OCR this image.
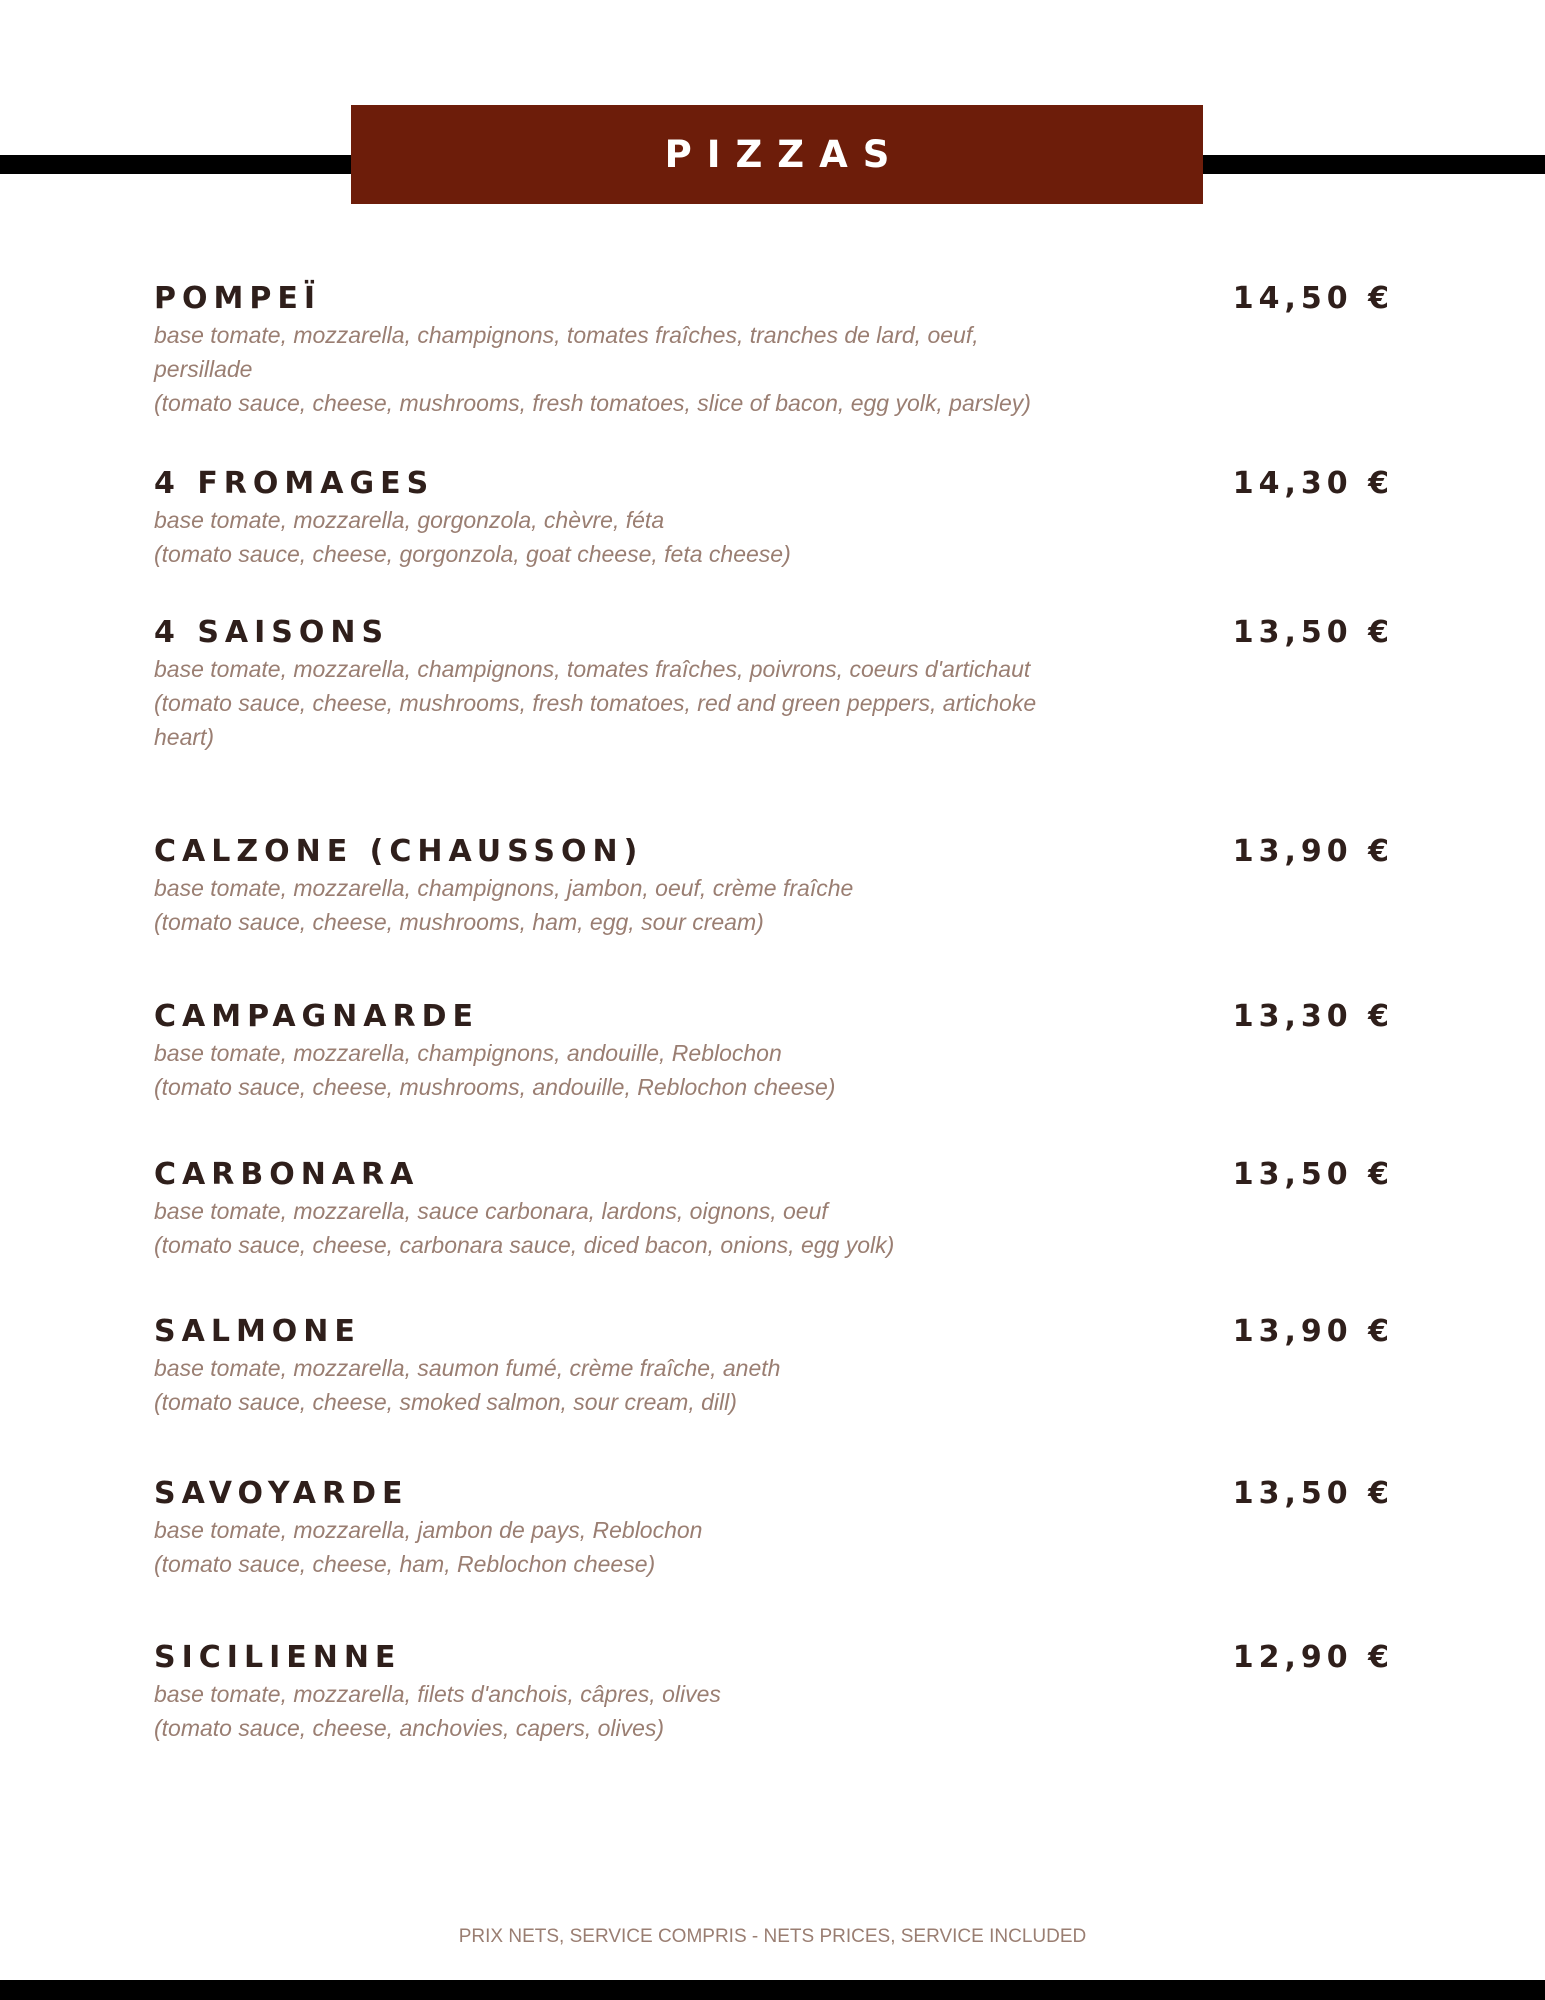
PIZZAS
POMPEÏ	14,50 €
base tomate, mozzarella, champignons, tomates fraîches, tranches de lard, oeuf, persillade
(tomato sauce, cheese, mushrooms, fresh tomatoes, slice of bacon, egg yolk, parsley)
4 FROMAGES	14,30 €
base tomate, mozzarella, gorgonzola, chèvre, féta
(tomato sauce, cheese, gorgonzola, goat cheese, feta cheese)
4 SAISONS	13,50 €
base tomate, mozzarella, champignons, tomates fraîches, poivrons, coeurs d'artichaut
(tomato sauce, cheese, mushrooms, fresh tomatoes, red and green peppers, artichoke heart)
CALZONE (CHAUSSON)	13,90 €
base tomate, mozzarella, champignons, jambon, oeuf, crème fraîche
(tomato sauce, cheese, mushrooms, ham, egg, sour cream)
CAMPAGNARDE	13,30 €
base tomate, mozzarella, champignons, andouille, Reblochon
(tomato sauce, cheese, mushrooms, andouille, Reblochon cheese)
CARBONARA	13,50 €
base tomate, mozzarella, sauce carbonara, lardons, oignons, oeuf
(tomato sauce, cheese, carbonara sauce, diced bacon, onions, egg yolk)
SALMONE	13,90 €
base tomate, mozzarella, saumon fumé, crème fraîche, aneth
(tomato sauce, cheese, smoked salmon, sour cream, dill)
SAVOYARDE	13,50 €
base tomate, mozzarella, jambon de pays, Reblochon
(tomato sauce, cheese, ham, Reblochon cheese)
SICILIENNE	12,90 €
base tomate, mozzarella, filets d'anchois, câpres, olives
(tomato sauce, cheese, anchovies, capers, olives)
PRIX NETS, SERVICE COMPRIS - NETS PRICES, SERVICE INCLUDED
